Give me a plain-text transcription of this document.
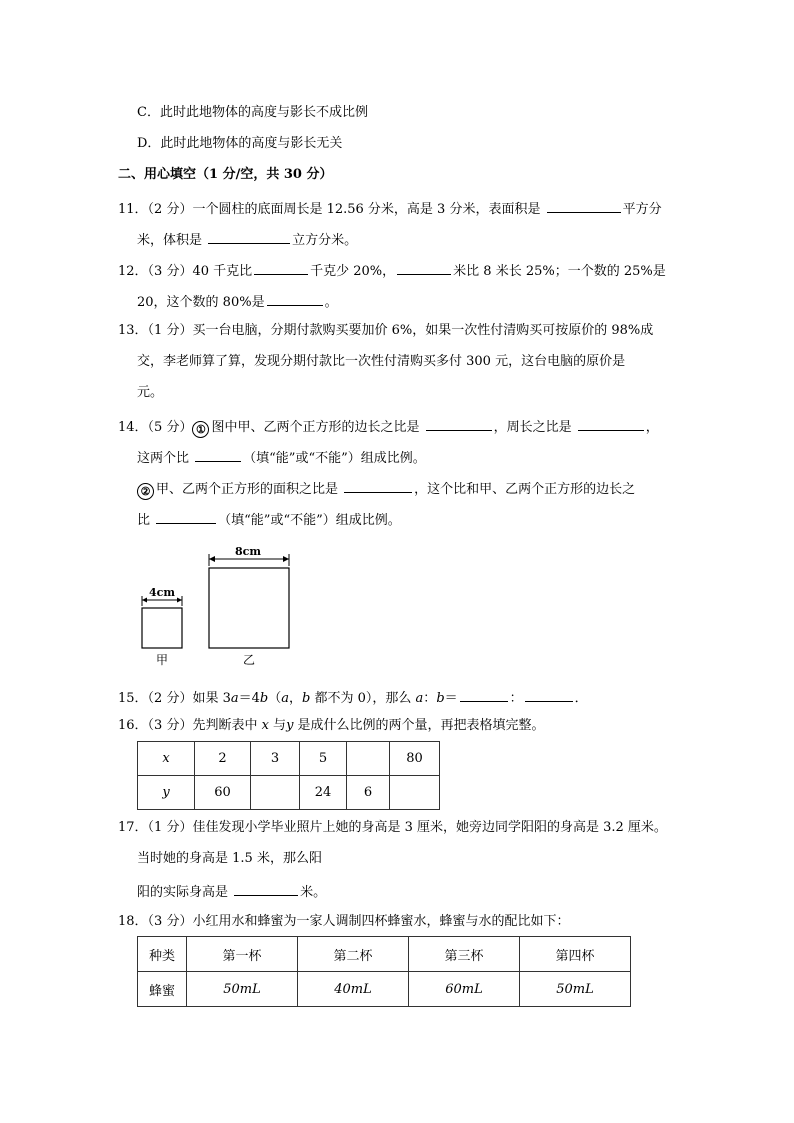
C．此时此地物体的高度与影长不成比例
D．此时此地物体的高度与影长无关
二、用心填空（1 分/空，共 30 分）
11．（2 分）一个圆柱的底面周长是 12.56 分米，高是 3 分米，表面积是	平方分
米，体积是	立方分米。
12．（3 分）40 千克比	千克少 20%，	米比 8 米长 25%；一个数的 25%是
20，这个数的 80%是	。
13．（1 分）买一台电脑，分期付款购买要加价 6%，如果一次性付清购买可按原价的 98%成
交，李老师算了算，发现分期付款比一次性付清购买多付 300 元，这台电脑的原价是
元。
14．（5 分） ① 图中甲、乙两个正方形的边长之比是	，周长之比是	，
这两个比	（填“能”或“不能”）组成比例。
② 甲、乙两个正方形的面积之比是	，这个比和甲、乙两个正方形的边长之
比	（填“能”或“不能”）组成比例。
8cm
4cm
甲	乙
15．（2 分）如果 3a＝4b（a，b 都不为 0），那么 a：b＝	：	．
16．（3 分）先判断表中 x 与y 是成什么比例的两个量，再把表格填完整。
x	2	3	5		80
y	60		24	6	
17．（1 分）佳佳发现小学毕业照片上她的身高是 3 厘米，她旁边同学阳阳的身高是 3.2 厘米。
当时她的身高是 1.5 米，那么阳
阳的实际身高是	米。
18．（3 分）小红用水和蜂蜜为一家人调制四杯蜂蜜水，蜂蜜与水的配比如下：
种类	第一杯	第二杯	第三杯	第四杯
蜂蜜	50mL	40mL	60mL	50mL
